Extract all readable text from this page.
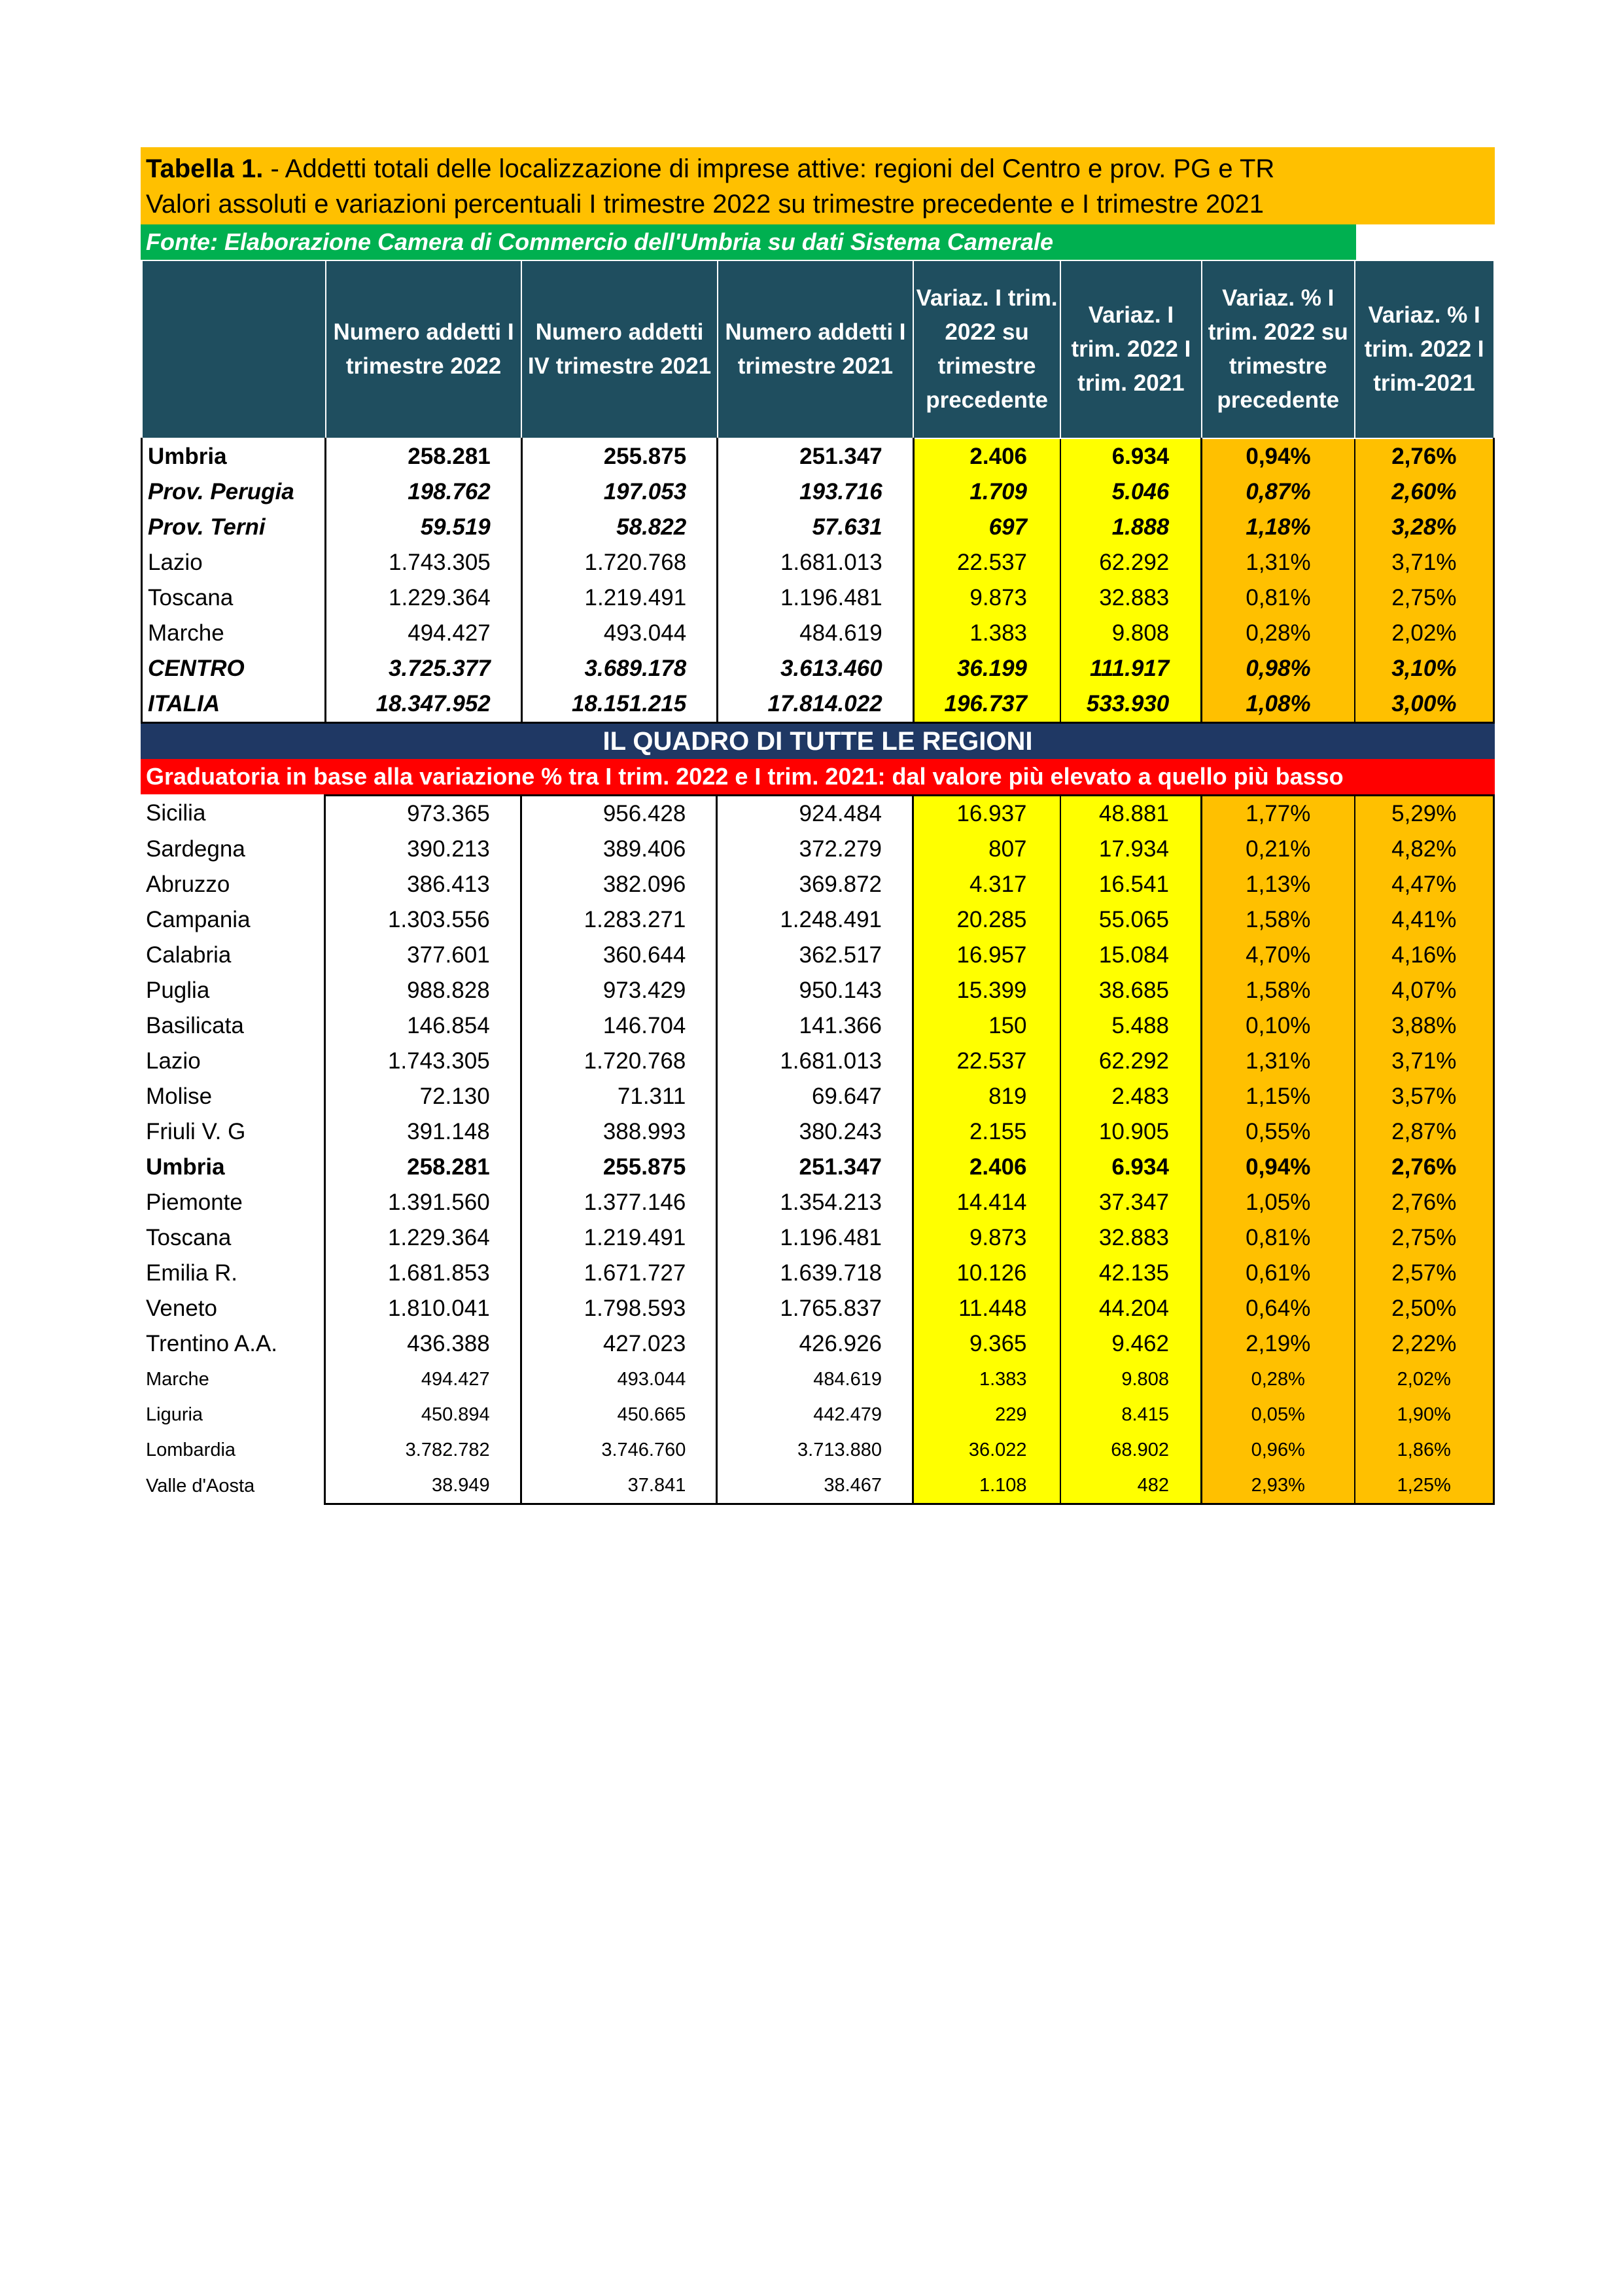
Tabella 1. - Addetti totali delle localizzazione di imprese attive: regioni del Centro e prov. PG e TR
Valori assoluti e variazioni percentuali I trimestre 2022 su trimestre precedente e I trimestre 2021
Fonte: Elaborazione Camera di Commercio dell'Umbria su dati Sistema Camerale
	Numero addetti I trimestre 2022	Numero addetti IV trimestre 2021	Numero addetti I trimestre 2021	Variaz. I trim. 2022 su trimestre precedente	Variaz. I trim. 2022 I trim. 2021	Variaz. % I trim. 2022 su trimestre precedente	Variaz. % I trim. 2022 I trim-2021
Umbria	258.281	255.875	251.347	2.406	6.934	0,94%	2,76%
Prov. Perugia	198.762	197.053	193.716	1.709	5.046	0,87%	2,60%
Prov. Terni	59.519	58.822	57.631	697	1.888	1,18%	3,28%
Lazio	1.743.305	1.720.768	1.681.013	22.537	62.292	1,31%	3,71%
Toscana	1.229.364	1.219.491	1.196.481	9.873	32.883	0,81%	2,75%
Marche	494.427	493.044	484.619	1.383	9.808	0,28%	2,02%
CENTRO	3.725.377	3.689.178	3.613.460	36.199	111.917	0,98%	3,10%
ITALIA	18.347.952	18.151.215	17.814.022	196.737	533.930	1,08%	3,00%
IL QUADRO DI TUTTE LE REGIONI
Graduatoria in base alla variazione % tra I trim. 2022 e I trim. 2021: dal valore più elevato a quello più basso
Sicilia	973.365	956.428	924.484	16.937	48.881	1,77%	5,29%
Sardegna	390.213	389.406	372.279	807	17.934	0,21%	4,82%
Abruzzo	386.413	382.096	369.872	4.317	16.541	1,13%	4,47%
Campania	1.303.556	1.283.271	1.248.491	20.285	55.065	1,58%	4,41%
Calabria	377.601	360.644	362.517	16.957	15.084	4,70%	4,16%
Puglia	988.828	973.429	950.143	15.399	38.685	1,58%	4,07%
Basilicata	146.854	146.704	141.366	150	5.488	0,10%	3,88%
Lazio	1.743.305	1.720.768	1.681.013	22.537	62.292	1,31%	3,71%
Molise	72.130	71.311	69.647	819	2.483	1,15%	3,57%
Friuli V. G	391.148	388.993	380.243	2.155	10.905	0,55%	2,87%
Umbria	258.281	255.875	251.347	2.406	6.934	0,94%	2,76%
Piemonte	1.391.560	1.377.146	1.354.213	14.414	37.347	1,05%	2,76%
Toscana	1.229.364	1.219.491	1.196.481	9.873	32.883	0,81%	2,75%
Emilia R.	1.681.853	1.671.727	1.639.718	10.126	42.135	0,61%	2,57%
Veneto	1.810.041	1.798.593	1.765.837	11.448	44.204	0,64%	2,50%
Trentino A.A.	436.388	427.023	426.926	9.365	9.462	2,19%	2,22%
Marche	494.427	493.044	484.619	1.383	9.808	0,28%	2,02%
Liguria	450.894	450.665	442.479	229	8.415	0,05%	1,90%
Lombardia	3.782.782	3.746.760	3.713.880	36.022	68.902	0,96%	1,86%
Valle d'Aosta	38.949	37.841	38.467	1.108	482	2,93%	1,25%
